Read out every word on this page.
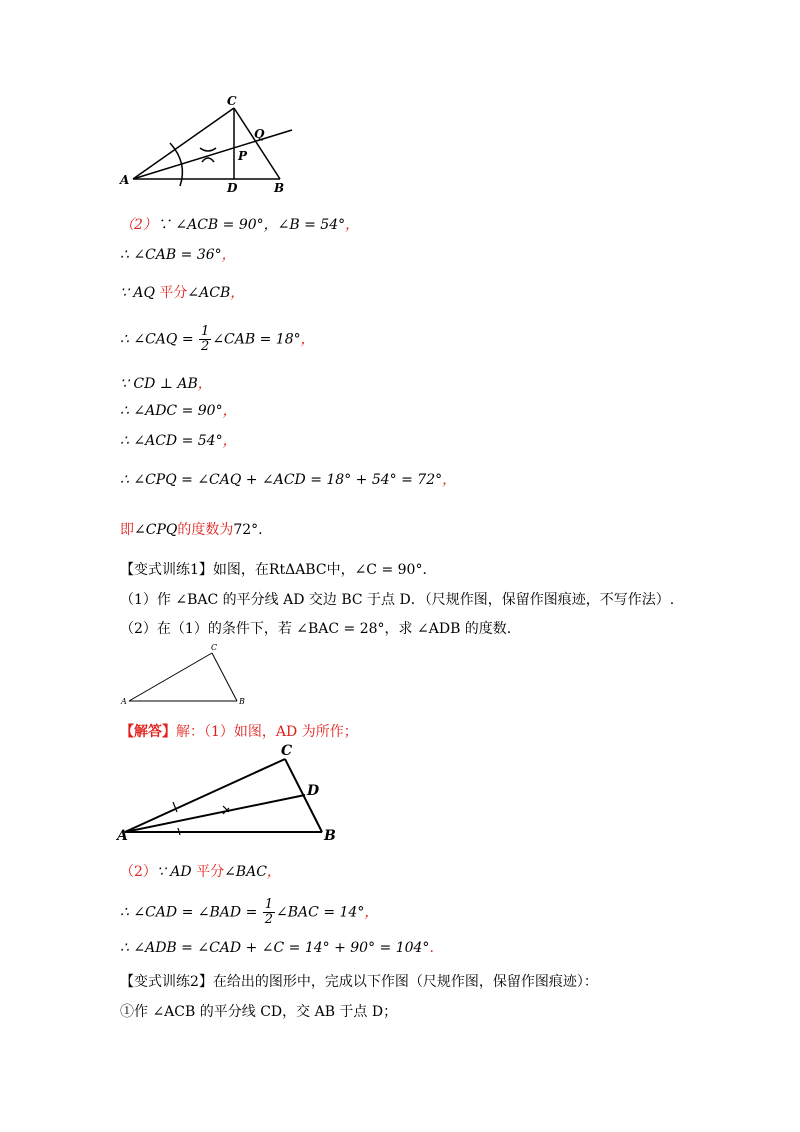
C
Q
P
A
D	B
（2）∵ ∠ACB = 90°，∠B = 54°，
∴ ∠CAB = 36°，
∵ AQ 平分∠ACB，
∴ ∠CAQ = $\frac{1}{2}$ ∠CAB = 18°，
∵ CD ⊥ AB，
∴ ∠ADC = 90°，
∴ ∠ACD = 54°，
∴ ∠CPQ = ∠CAQ + ∠ACD = 18° + 54° = 72°，
即∠CPQ的度数为72°.
【变式训练1】如图，在RtΔABC中，∠C = 90°．
（1）作 ∠BAC 的平分线 AD 交边 BC 于点 D．（尺规作图，保留作图痕迹，不写作法）.
（2）在（1）的条件下，若 ∠BAC = 28°，求 ∠ADB 的度数.
C
A	B
【解答】解：（1）如图，AD 为所作；
C
D
A	B
（2）∵ AD 平分∠BAC，
∴ ∠CAD = ∠BAD = $\frac{1}{2}$ ∠BAC = 14°，
∴ ∠ADB = ∠CAD + ∠C = 14° + 90° = 104°.
【变式训练2】在给出的图形中，完成以下作图（尺规作图，保留作图痕迹）：
①作 ∠ACB 的平分线 CD，交 AB 于点 D；
